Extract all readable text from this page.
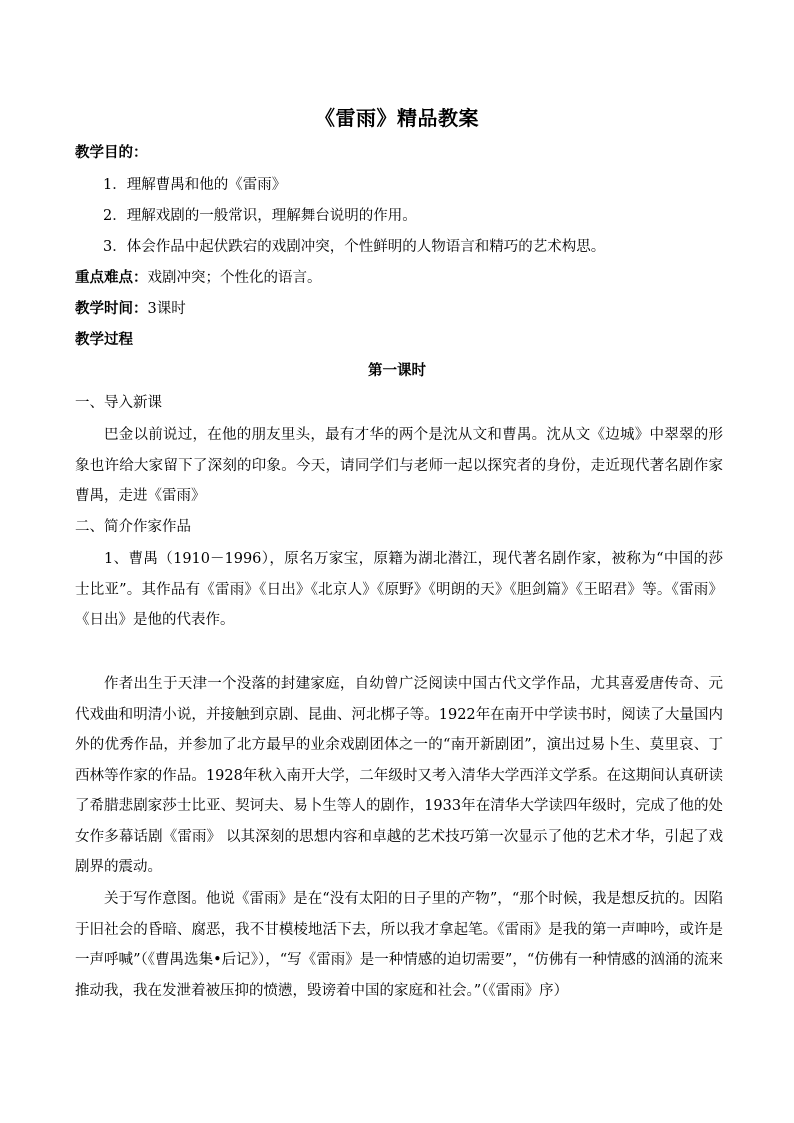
《雷雨》精品教案
教学目的：
1．理解曹禺和他的《雷雨》
2．理解戏剧的一般常识，理解舞台说明的作用。
3．体会作品中起伏跌宕的戏剧冲突，个性鲜明的人物语言和精巧的艺术构思。
重点难点：戏剧冲突；个性化的语言。
教学时间：3课时
教学过程
第一课时
一、导入新课
巴金以前说过，在他的朋友里头，最有才华的两个是沈从文和曹禺。沈从文《边城》中翠翠的形象也许给大家留下了深刻的印象。今天，请同学们与老师一起以探究者的身份，走近现代著名剧作家曹禺，走进《雷雨》
二、简介作家作品
1、曹禺（1910－1996），原名万家宝，原籍为湖北潜江，现代著名剧作家，被称为“中国的莎士比亚”。其作品有《雷雨》《日出》《北京人》《原野》《明朗的天》《胆剑篇》《王昭君》等。《雷雨》《日出》是他的代表作。
作者出生于天津一个没落的封建家庭，自幼曾广泛阅读中国古代文学作品，尤其喜爱唐传奇、元代戏曲和明清小说，并接触到京剧、昆曲、河北梆子等。1922年在南开中学读书时，阅读了大量国内外的优秀作品，并参加了北方最早的业余戏剧团体之一的“南开新剧团”，演出过易卜生、莫里哀、丁西林等作家的作品。1928年秋入南开大学，二年级时又考入清华大学西洋文学系。在这期间认真研读了希腊悲剧家莎士比亚、契诃夫、易卜生等人的剧作，1933年在清华大学读四年级时，完成了他的处女作多幕话剧《雷雨》 以其深刻的思想内容和卓越的艺术技巧第一次显示了他的艺术才华，引起了戏剧界的震动。
关于写作意图。他说《雷雨》是在“没有太阳的日子里的产物”，“那个时候，我是想反抗的。因陷于旧社会的昏暗、腐恶，我不甘模棱地活下去，所以我才拿起笔。《雷雨》是我的第一声呻吟，或许是一声呼喊”（《曹禺选集•后记》），“写《雷雨》是一种情感的迫切需要”，“仿佛有一种情感的汹涌的流来推动我，我在发泄着被压抑的愤懑，毁谤着中国的家庭和社会。”（《雷雨》序）
